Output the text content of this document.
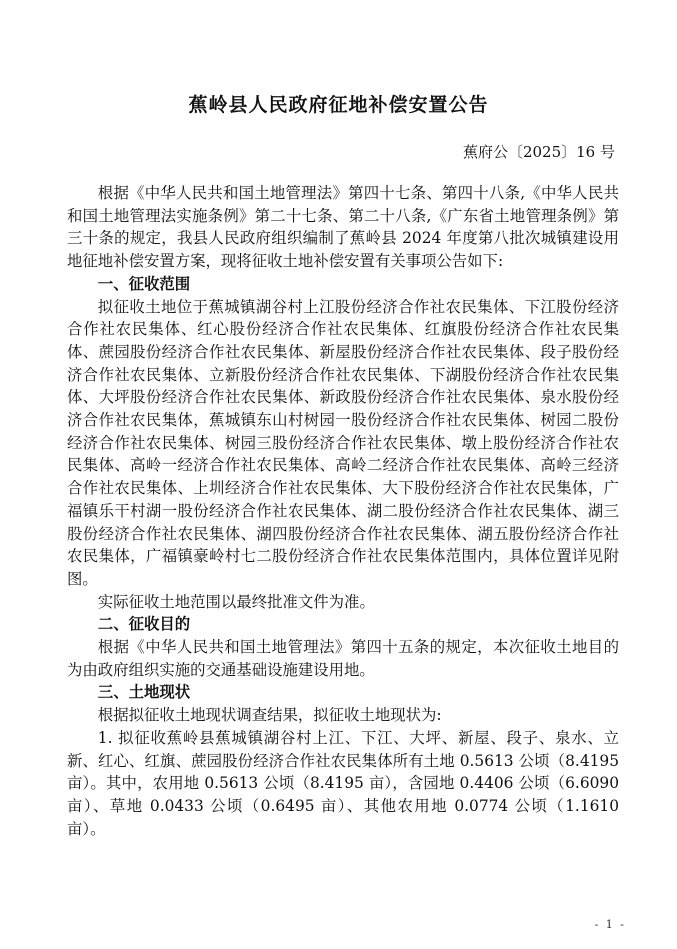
蕉岭县人民政府征地补偿安置公告
蕉府公〔2025〕16 号

根据《中华人民共和国土地管理法》第四十七条、第四十八条,《中华人民共和国土地管理法实施条例》第二十七条、第二十八条,《广东省土地管理条例》第三十条的规定，我县人民政府组织编制了蕉岭县 2024 年度第八批次城镇建设用地征地补偿安置方案，现将征收土地补偿安置有关事项公告如下:

一、征收范围

拟征收土地位于蕉城镇湖谷村上江股份经济合作社农民集体、下江股份经济合作社农民集体、红心股份经济合作社农民集体、红旗股份经济合作社农民集体、蔗园股份经济合作社农民集体、新屋股份经济合作社农民集体、段子股份经济合作社农民集体、立新股份经济合作社农民集体、下湖股份经济合作社农民集体、大坪股份经济合作社农民集体、新政股份经济合作社农民集体、泉水股份经济合作社农民集体，蕉城镇东山村树园一股份经济合作社农民集体、树园二股份经济合作社农民集体、树园三股份经济合作社农民集体、墩上股份经济合作社农民集体、高岭一经济合作社农民集体、高岭二经济合作社农民集体、高岭三经济合作社农民集体、上圳经济合作社农民集体、大下股份经济合作社农民集体，广福镇乐干村湖一股份经济合作社农民集体、湖二股份经济合作社农民集体、湖三股份经济合作社农民集体、湖四股份经济合作社农民集体、湖五股份经济合作社农民集体，广福镇豪岭村七二股份经济合作社农民集体范围内，具体位置详见附图。

实际征收土地范围以最终批准文件为准。

二、征收目的

根据《中华人民共和国土地管理法》第四十五条的规定，本次征收土地目的为由政府组织实施的交通基础设施建设用地。

三、土地现状

根据拟征收土地现状调查结果，拟征收土地现状为:

1. 拟征收蕉岭县蕉城镇湖谷村上江、下江、大坪、新屋、段子、泉水、立新、红心、红旗、蔗园股份经济合作社农民集体所有土地 0.5613 公顷（8.4195 亩）。其中，农用地 0.5613 公顷（8.4195 亩），含园地 0.4406 公顷（6.6090 亩）、草地 0.0433 公顷（0.6495 亩）、其他农用地 0.0774 公顷（1.1610 亩）。

- 1 -
